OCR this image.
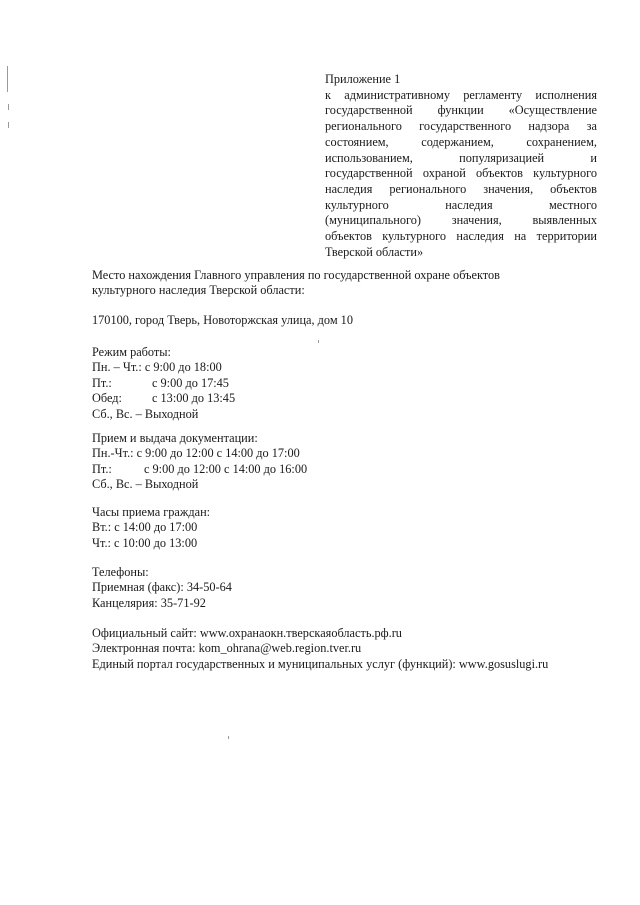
Приложение 1

к административному регламенту исполнения

государственной функции «Осуществление

регионального государственного надзора за

состоянием, содержанием, сохранением,

использованием, популяризацией и

государственной охраной объектов культурного

наследия регионального значения, объектов

культурного наследия местного

(муниципального) значения, выявленных

объектов культурного наследия на территории

Тверской области»

Место нахождения Главного управления по государственной охране объектов

культурного наследия Тверской области:

170100, город Тверь, Новоторжская улица, дом 10

Режим работы:

Пн. – Чт.: с 9:00 до 18:00

Пт.:	с 9:00 до 17:45
Обед:	с 13:00 до 13:45

Сб., Вс. – Выходной

Прием и выдача документации:

Пн.-Чт.: с 9:00 до 12:00 с 14:00 до 17:00

Пт.:	с 9:00 до 12:00 с 14:00 до 16:00

Сб., Вс. – Выходной

Часы приема граждан:

Вт.: с 14:00 до 17:00

Чт.: с 10:00 до 13:00

Телефоны:

Приемная (факс): 34-50-64

Канцелярия: 35-71-92

Официальный сайт: www.охранаокн.тверскаяобласть.рф.ru

Электронная почта: kom_ohrana@web.region.tver.ru

Единый портал государственных и муниципальных услуг (функций): www.gosuslugi.ru
